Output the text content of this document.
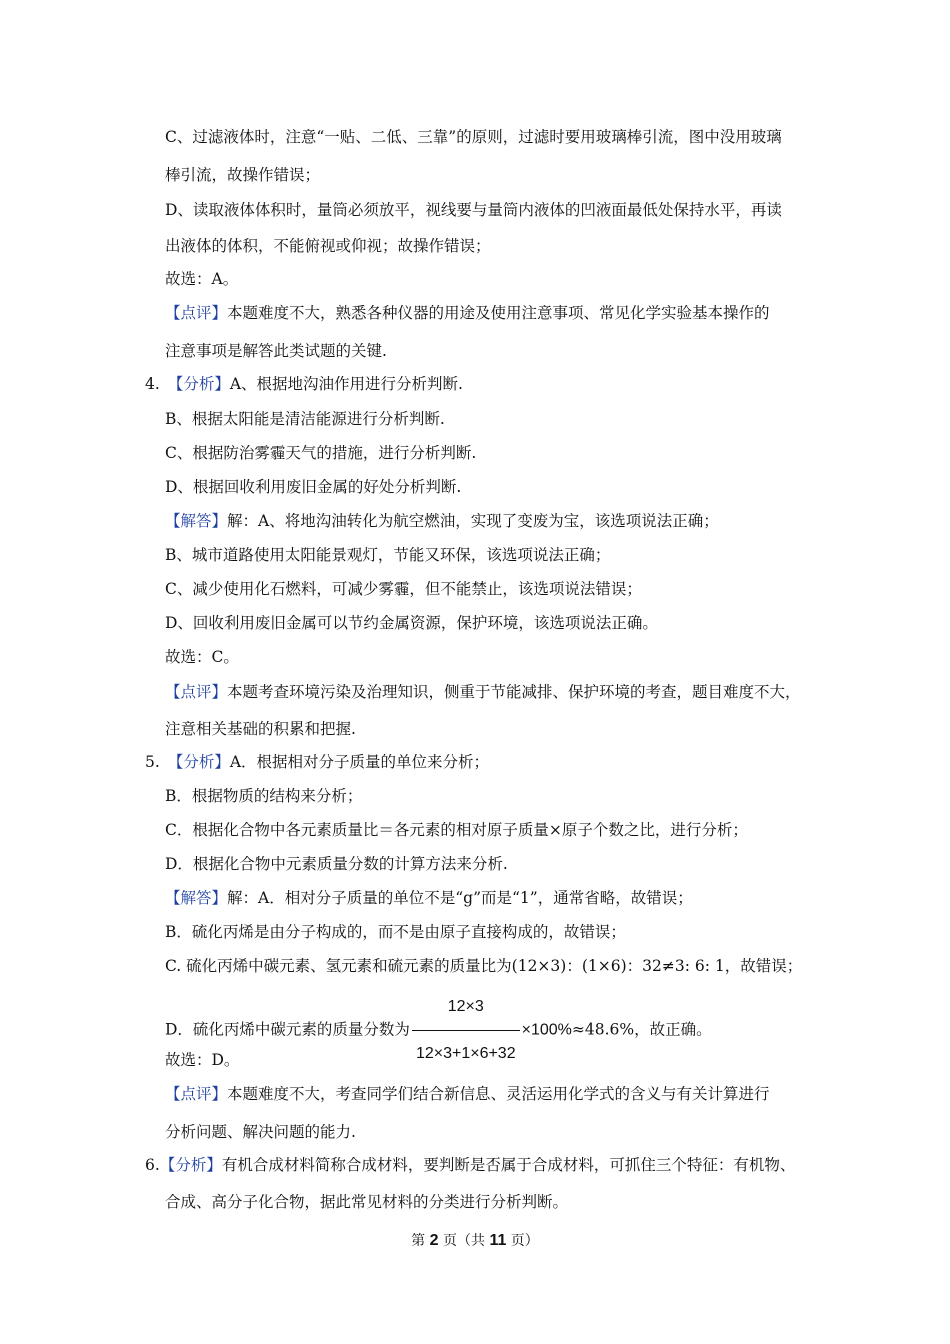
C、过滤液体时，注意“一贴、二低、三靠”的原则，过滤时要用玻璃棒引流，图中没用玻璃
棒引流，故操作错误；
D、读取液体体积时，量筒必须放平，视线要与量筒内液体的凹液面最低处保持水平，再读
出液体的体积，不能俯视或仰视；故操作错误；
故选：A。
【点评】本题难度不大，熟悉各种仪器的用途及使用注意事项、常见化学实验基本操作的
注意事项是解答此类试题的关键.
4. 【分析】A、根据地沟油作用进行分析判断.
B、根据太阳能是清洁能源进行分析判断.
C、根据防治雾霾天气的措施，进行分析判断.
D、根据回收利用废旧金属的好处分析判断.
【解答】解：A、将地沟油转化为航空燃油，实现了变废为宝，该选项说法正确；
B、城市道路使用太阳能景观灯，节能又环保，该选项说法正确；
C、减少使用化石燃料，可减少雾霾，但不能禁止，该选项说法错误；
D、回收利用废旧金属可以节约金属资源，保护环境，该选项说法正确。
故选：C。
【点评】本题考查环境污染及治理知识，侧重于节能减排、保护环境的考查，题目难度不大，
注意相关基础的积累和把握.
5. 【分析】A．根据相对分子质量的单位来分析；
B．根据物质的结构来分析；
C．根据化合物中各元素质量比＝各元素的相对原子质量×原子个数之比，进行分析；
D．根据化合物中元素质量分数的计算方法来分析.
【解答】解：A．相对分子质量的单位不是“g”而是“1”，通常省略，故错误；
B．硫化丙烯是由分子构成的，而不是由原子直接构成的，故错误；
C. 硫化丙烯中碳元素、氢元素和硫元素的质量比为(12×3)：(1×6)：32≠3: 6: 1，故错误；
D．硫化丙烯中碳元素的质量分数为 $\frac{12\times 3}{12\times 3+1\times 6+32} \times 100\%\approx 48.6\%$，故正确。
故选：D。
【点评】本题难度不大，考查同学们结合新信息、灵活运用化学式的含义与有关计算进行
分析问题、解决问题的能力.
6.【分析】有机合成材料简称合成材料，要判断是否属于合成材料，可抓住三个特征：有机物、
合成、高分子化合物，据此常见材料的分类进行分析判断。
第 2 页（共 11 页）
